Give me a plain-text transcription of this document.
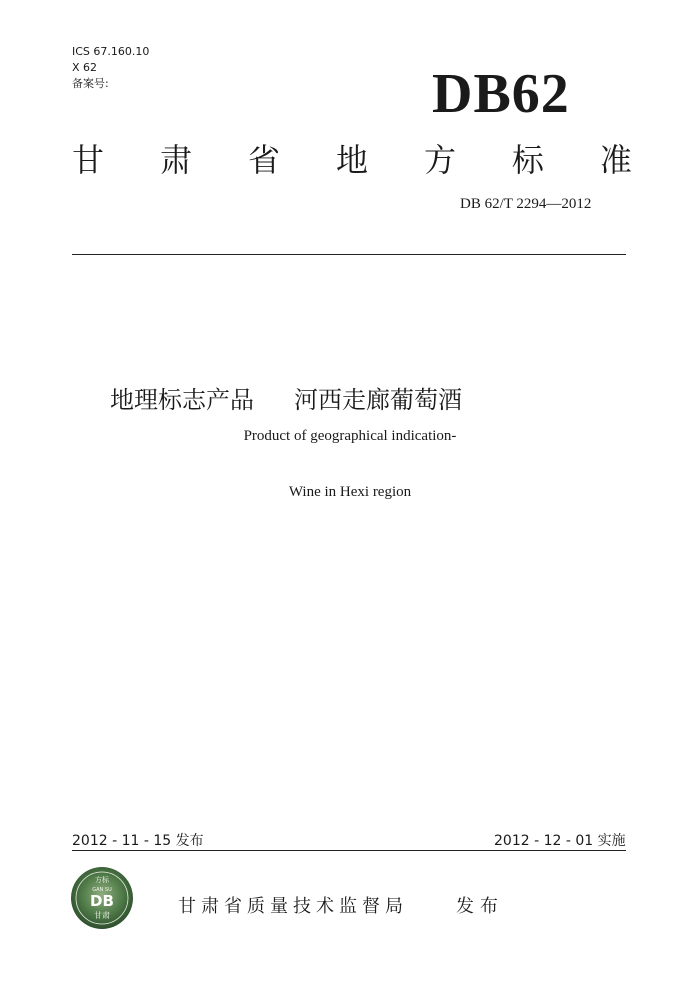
ICS 67.160.10
X 62
备案号:	DB62
甘 肃 省 地 方 标 准
DB 62/T 2294—2012
地理标志产品 河西走廊葡萄酒
Product of geographical indication-
Wine in Hexi region
2012 - 11 - 15 发布	2012 - 12 - 01 实施
方标
GAN SU
DB
甘肃	甘肃省质量技术监督局	发布
